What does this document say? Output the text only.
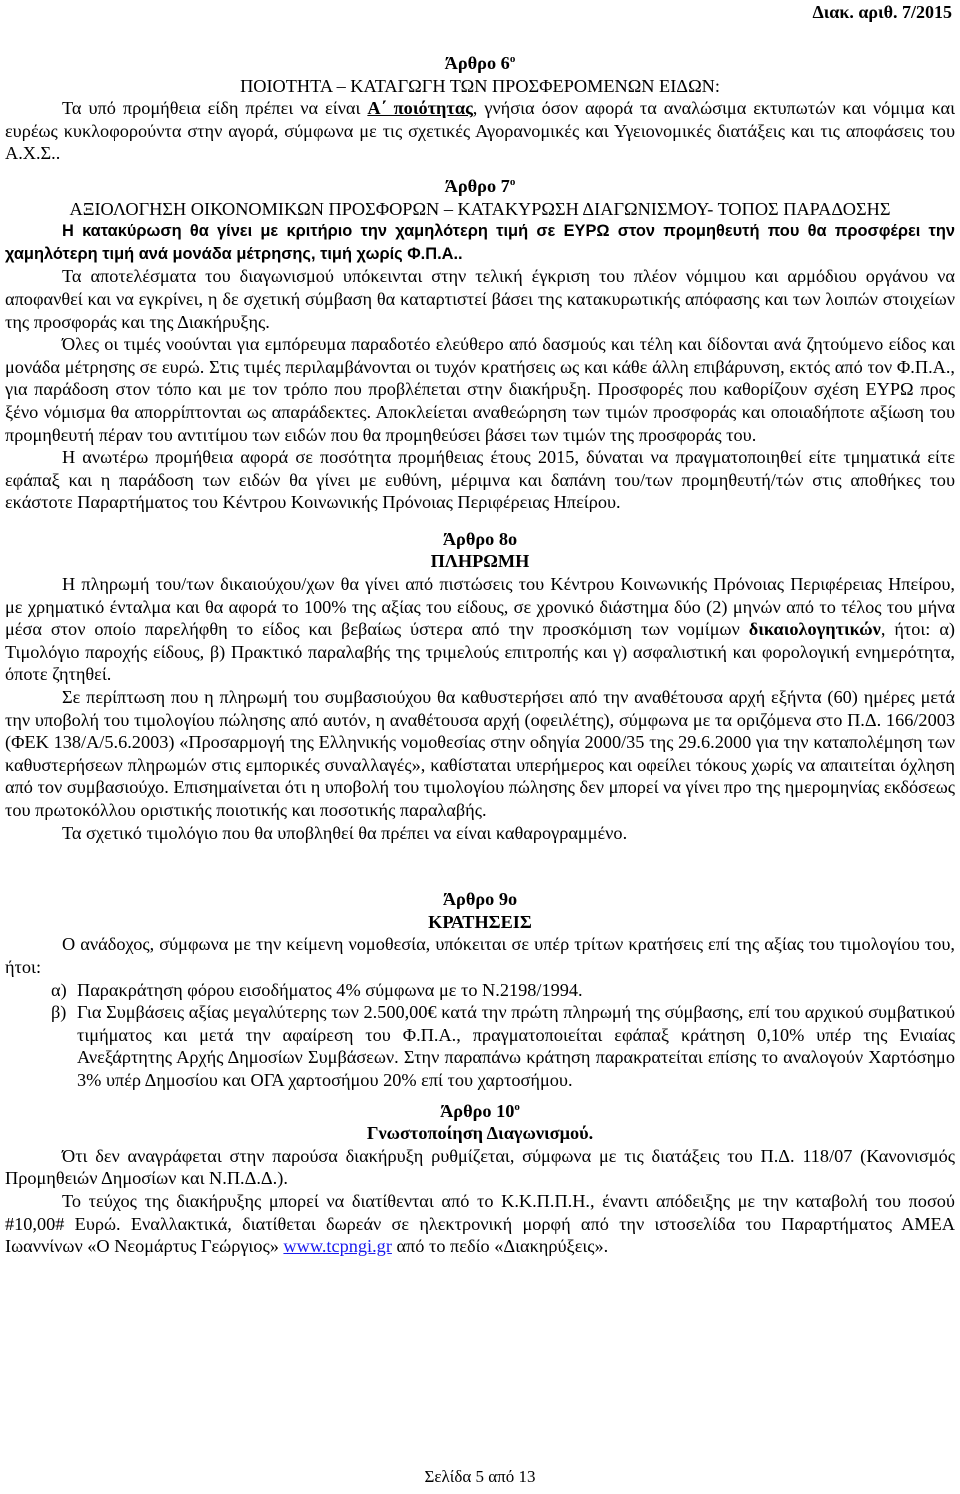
Διακ. αριθ. 7/2015

Άρθρο $6^o$

ΠΟΙΟΤΗΤΑ – ΚΑΤΑΓΩΓΗ ΤΩΝ ΠΡΟΣΦΕΡΟΜΕΝΩΝ ΕΙΔΩΝ:

Τα υπό προμήθεια είδη πρέπει να είναι Α΄ ποιότητας, γνήσια όσον αφορά τα αναλώσιμα εκτυπωτών και νόμιμα και ευρέως κυκλοφορούντα στην αγορά, σύμφωνα με τις σχετικές Αγορανομικές και Υγειονομικές διατάξεις και τις αποφάσεις του Α.Χ.Σ..

Άρθρο $7^o$

ΑΞΙΟΛΟΓΗΣΗ ΟΙΚΟΝΟΜΙΚΩΝ ΠΡΟΣΦΟΡΩΝ – ΚΑΤΑΚΥΡΩΣΗ ΔΙΑΓΩΝΙΣΜΟΥ- ΤΟΠΟΣ ΠΑΡΑΔΟΣΗΣ

Η κατακύρωση θα γίνει με κριτήριο την χαμηλότερη τιμή σε ΕΥΡΩ στον προμηθευτή που θα προσφέρει την χαμηλότερη τιμή ανά μονάδα μέτρησης, τιμή χωρίς Φ.Π.Α..

Τα αποτελέσματα του διαγωνισμού υπόκεινται στην τελική έγκριση του πλέον νόμιμου και αρμόδιου οργάνου να αποφανθεί και να εγκρίνει, η δε σχετική σύμβαση θα καταρτιστεί βάσει της κατακυρωτικής απόφασης και των λοιπών στοιχείων της προσφοράς και της Διακήρυξης.

Όλες οι τιμές νοούνται για εμπόρευμα παραδοτέο ελεύθερο από δασμούς και τέλη και δίδονται ανά ζητούμενο είδος και μονάδα μέτρησης σε ευρώ. Στις τιμές περιλαμβάνονται οι τυχόν κρατήσεις ως και κάθε άλλη επιβάρυνση, εκτός από τον Φ.Π.Α., για παράδοση στον τόπο και με τον τρόπο που προβλέπεται στην διακήρυξη. Προσφορές που καθορίζουν σχέση ΕΥΡΩ προς ξένο νόμισμα θα απορρίπτονται ως απαράδεκτες. Αποκλείεται αναθεώρηση των τιμών προσφοράς και οποιαδήποτε αξίωση του προμηθευτή πέραν του αντιτίμου των ειδών που θα προμηθεύσει βάσει των τιμών της προσφοράς του.

Η ανωτέρω προμήθεια αφορά σε ποσότητα προμήθειας έτους 2015, δύναται να πραγματοποιηθεί είτε τμηματικά είτε εφάπαξ και η παράδοση των ειδών θα γίνει με ευθύνη, μέριμνα και δαπάνη του/των προμηθευτή/τών στις αποθήκες του εκάστοτε Παραρτήματος του Κέντρου Κοινωνικής Πρόνοιας Περιφέρειας Ηπείρου.

Άρθρο 8ο

ΠΛΗΡΩΜΗ

Η πληρωμή του/των δικαιούχου/χων θα γίνει από πιστώσεις του Κέντρου Κοινωνικής Πρόνοιας Περιφέρειας Ηπείρου, με χρηματικό ένταλμα και θα αφορά το 100% της αξίας του είδους, σε χρονικό διάστημα δύο (2) μηνών από το τέλος του μήνα μέσα στον οποίο παρελήφθη το είδος και βεβαίως ύστερα από την προσκόμιση των νομίμων δικαιολογητικών, ήτοι: α) Τιμολόγιο παροχής είδους, β) Πρακτικό παραλαβής της τριμελούς επιτροπής και γ) ασφαλιστική και φορολογική ενημερότητα, όποτε ζητηθεί.

Σε περίπτωση που η πληρωμή του συμβασιούχου θα καθυστερήσει από την αναθέτουσα αρχή εξήντα (60) ημέρες μετά την υποβολή του τιμολογίου πώλησης από αυτόν, η αναθέτουσα αρχή (οφειλέτης), σύμφωνα με τα οριζόμενα στο Π.Δ. 166/2003 (ΦΕΚ 138/Α/5.6.2003) «Προσαρμογή της Ελληνικής νομοθεσίας στην οδηγία 2000/35 της 29.6.2000 για την καταπολέμηση των καθυστερήσεων πληρωμών στις εμπορικές συναλλαγές», καθίσταται υπερήμερος και οφείλει τόκους χωρίς να απαιτείται όχληση από τον συμβασιούχο. Επισημαίνεται ότι η υποβολή του τιμολογίου πώλησης δεν μπορεί να γίνει προ της ημερομηνίας εκδόσεως του πρωτοκόλλου οριστικής ποιοτικής και ποσοτικής παραλαβής.

Τα σχετικό τιμολόγιο που θα υποβληθεί θα πρέπει να είναι καθαρογραμμένο.

Άρθρο 9ο

ΚΡΑΤΗΣΕΙΣ

Ο ανάδοχος, σύμφωνα με την κείμενη νομοθεσία, υπόκειται σε υπέρ τρίτων κρατήσεις επί της αξίας του τιμολογίου του, ήτοι:

α) Παρακράτηση φόρου εισοδήματος 4% σύμφωνα με το Ν.2198/1994.
β) Για Συμβάσεις αξίας μεγαλύτερης των 2.500,00€ κατά την πρώτη πληρωμή της σύμβασης, επί του αρχικού συμβατικού τιμήματος και μετά την αφαίρεση του Φ.Π.Α., πραγματοποιείται εφάπαξ κράτηση 0,10% υπέρ της Ενιαίας Ανεξάρτητης Αρχής Δημοσίων Συμβάσεων. Στην παραπάνω κράτηση παρακρατείται επίσης το αναλογούν Χαρτόσημο 3% υπέρ Δημοσίου και ΟΓΑ χαρτοσήμου 20% επί του χαρτοσήμου.

Άρθρο $10^o$

Γνωστοποίηση Διαγωνισμού.

Ότι δεν αναγράφεται στην παρούσα διακήρυξη ρυθμίζεται, σύμφωνα με τις διατάξεις του Π.Δ. 118/07 (Κανονισμός Προμηθειών Δημοσίων και Ν.Π.Δ.Δ.).

Το τεύχος της διακήρυξης μπορεί να διατίθενται από το Κ.Κ.Π.Π.Η., έναντι απόδειξης με την καταβολή του ποσού #10,00# Ευρώ. Εναλλακτικά, διατίθεται δωρεάν σε ηλεκτρονική μορφή από την ιστοσελίδα του Παραρτήματος ΑΜΕΑ Ιωαννίνων «Ο Νεομάρτυς Γεώργιος» www.tcpngi.gr από το πεδίο «Διακηρύξεις».

Σελίδα 5 από 13
